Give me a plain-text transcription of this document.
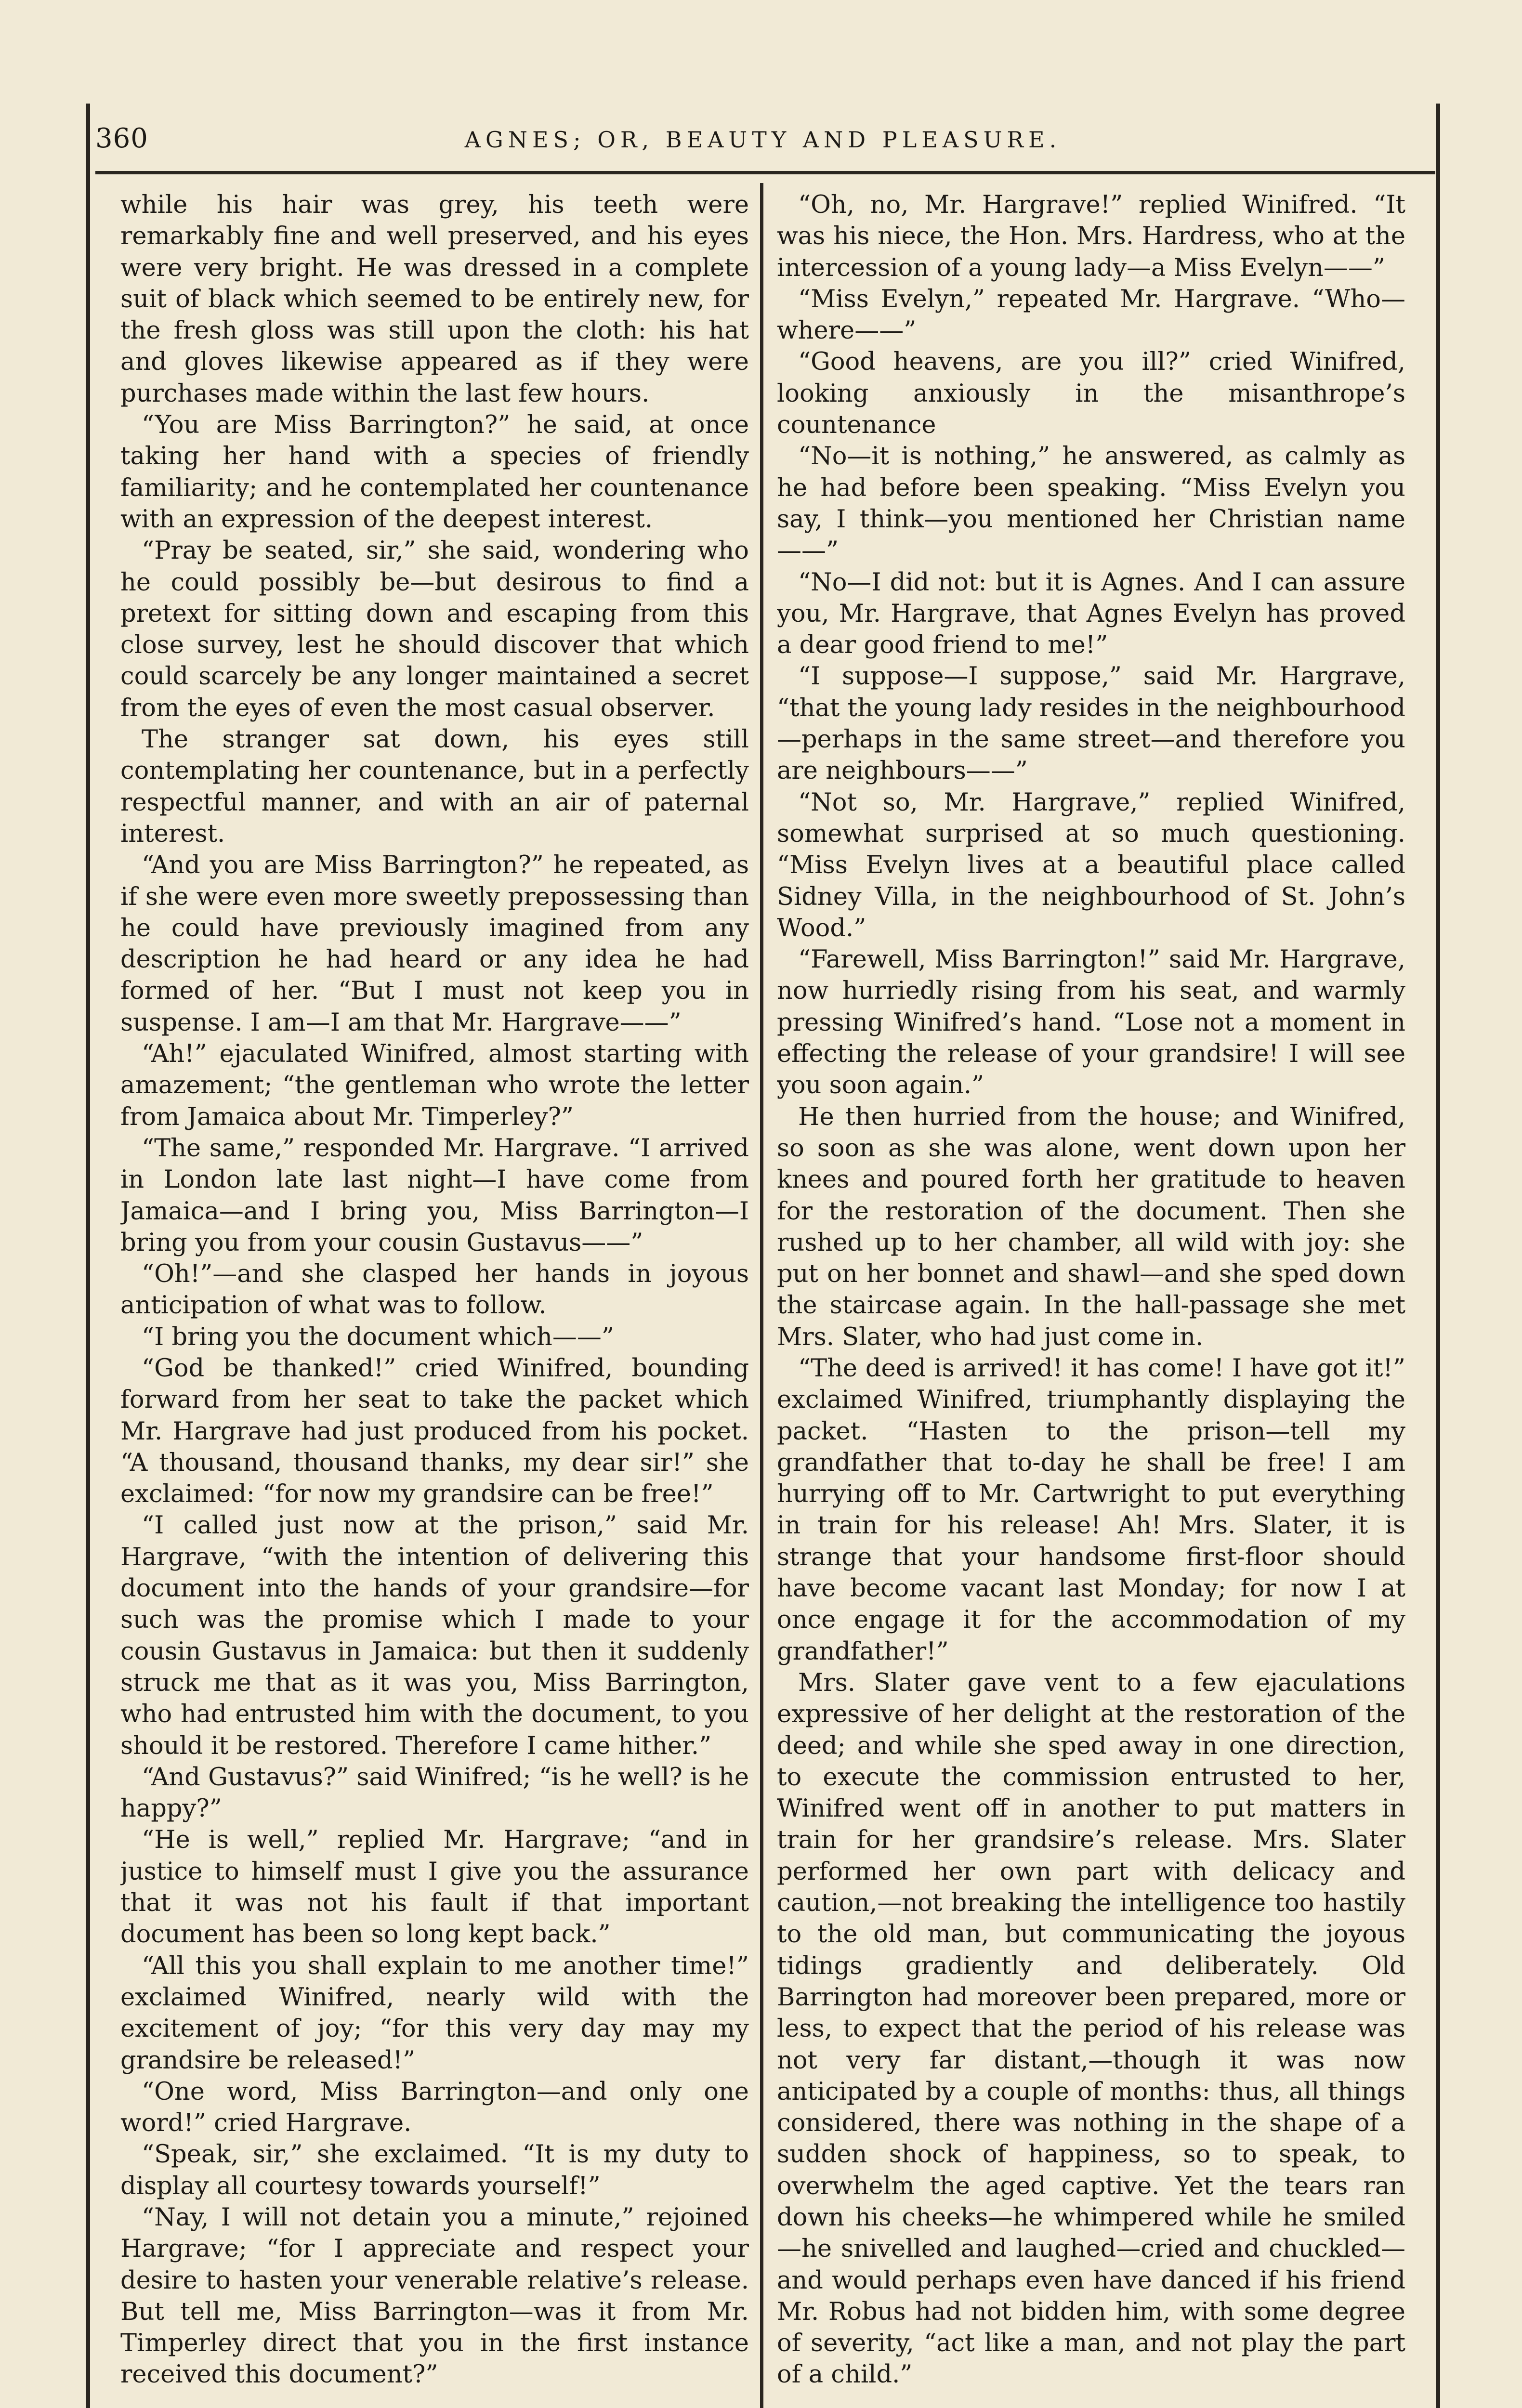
360	AGNES; OR, BEAUTY AND PLEASURE.

while his hair was grey, his teeth were remarkably fine and well preserved, and his eyes were very bright. He was dressed in a complete suit of black which seemed to be entirely new, for the fresh gloss was still upon the cloth: his hat and gloves likewise appeared as if they were purchases made within the last few hours.

“You are Miss Barrington?” he said, at once taking her hand with a species of friendly familiarity; and he contemplated her countenance with an expression of the deepest interest.

“Pray be seated, sir,” she said, wondering who he could possibly be—but desirous to find a pretext for sitting down and escaping from this close survey, lest he should discover that which could scarcely be any longer maintained a secret from the eyes of even the most casual observer.

The stranger sat down, his eyes still contemplating her countenance, but in a perfectly respectful manner, and with an air of paternal interest.

“And you are Miss Barrington?” he repeated, as if she were even more sweetly prepossessing than he could have previously imagined from any description he had heard or any idea he had formed of her. “But I must not keep you in suspense. I am—I am that Mr. Hargrave——”

“Ah!” ejaculated Winifred, almost starting with amazement; “the gentleman who wrote the letter from Jamaica about Mr. Timperley?”

“The same,” responded Mr. Hargrave. “I arrived in London late last night—I have come from Jamaica—and I bring you, Miss Barrington—I bring you from your cousin Gustavus——”

“Oh!”—and she clasped her hands in joyous anticipation of what was to follow.

“I bring you the document which——”

“God be thanked!” cried Winifred, bounding forward from her seat to take the packet which Mr. Hargrave had just produced from his pocket. “A thousand, thousand thanks, my dear sir!” she exclaimed: “for now my grandsire can be free!”

“I called just now at the prison,” said Mr. Hargrave, “with the intention of delivering this document into the hands of your grandsire—for such was the promise which I made to your cousin Gustavus in Jamaica: but then it suddenly struck me that as it was you, Miss Barrington, who had entrusted him with the document, to you should it be restored. Therefore I came hither.”

“And Gustavus?” said Winifred; “is he well? is he happy?”

“He is well,” replied Mr. Hargrave; “and in justice to himself must I give you the assurance that it was not his fault if that important document has been so long kept back.”

“All this you shall explain to me another time!” exclaimed Winifred, nearly wild with the excitement of joy; “for this very day may my grandsire be released!”

“One word, Miss Barrington—and only one word!” cried Hargrave.

“Speak, sir,” she exclaimed. “It is my duty to display all courtesy towards yourself!”

“Nay, I will not detain you a minute,” rejoined Hargrave; “for I appreciate and respect your desire to hasten your venerable relative’s release. But tell me, Miss Barrington—was it from Mr. Timperley direct that you in the first instance received this document?”

“Oh, no, Mr. Hargrave!” replied Winifred. “It was his niece, the Hon. Mrs. Hardress, who at the intercession of a young lady—a Miss Evelyn——”

“Miss Evelyn,” repeated Mr. Hargrave. “Who—where——”

“Good heavens, are you ill?” cried Winifred, looking anxiously in the misanthrope’s countenance

“No—it is nothing,” he answered, as calmly as he had before been speaking. “Miss Evelyn you say, I think—you mentioned her Christian name——”

“No—I did not: but it is Agnes. And I can assure you, Mr. Hargrave, that Agnes Evelyn has proved a dear good friend to me!”

“I suppose—I suppose,” said Mr. Hargrave, “that the young lady resides in the neighbourhood—perhaps in the same street—and therefore you are neighbours——”

“Not so, Mr. Hargrave,” replied Winifred, somewhat surprised at so much questioning. “Miss Evelyn lives at a beautiful place called Sidney Villa, in the neighbourhood of St. John’s Wood.”

“Farewell, Miss Barrington!” said Mr. Hargrave, now hurriedly rising from his seat, and warmly pressing Winifred’s hand. “Lose not a moment in effecting the release of your grandsire! I will see you soon again.”

He then hurried from the house; and Winifred, so soon as she was alone, went down upon her knees and poured forth her gratitude to heaven for the restoration of the document. Then she rushed up to her chamber, all wild with joy: she put on her bonnet and shawl—and she sped down the staircase again. In the hall-passage she met Mrs. Slater, who had just come in.

“The deed is arrived! it has come! I have got it!” exclaimed Winifred, triumphantly displaying the packet. “Hasten to the prison—tell my grandfather that to-day he shall be free! I am hurrying off to Mr. Cartwright to put everything in train for his release! Ah! Mrs. Slater, it is strange that your handsome first-floor should have become vacant last Monday; for now I at once engage it for the accommodation of my grandfather!”

Mrs. Slater gave vent to a few ejaculations expressive of her delight at the restoration of the deed; and while she sped away in one direction, to execute the commission entrusted to her, Winifred went off in another to put matters in train for her grandsire’s release. Mrs. Slater performed her own part with delicacy and caution,—not breaking the intelligence too hastily to the old man, but communicating the joyous tidings gradiently and deliberately. Old Barrington had moreover been prepared, more or less, to expect that the period of his release was not very far distant,—though it was now anticipated by a couple of months: thus, all things considered, there was nothing in the shape of a sudden shock of happiness, so to speak, to overwhelm the aged captive. Yet the tears ran down his cheeks—he whimpered while he smiled—he snivelled and laughed—cried and chuckled—and would perhaps even have danced if his friend Mr. Robus had not bidden him, with some degree of severity, “act like a man, and not play the part of a child.”
